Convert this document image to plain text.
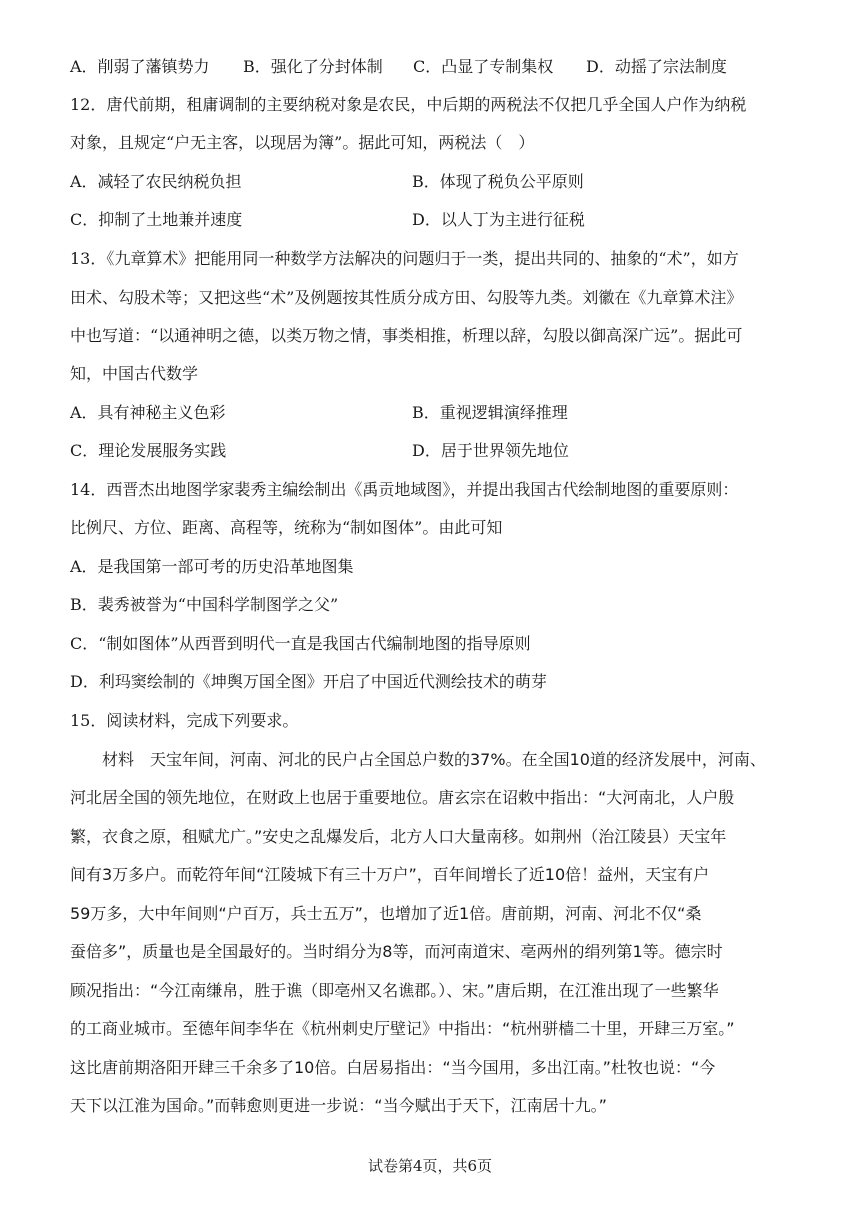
A．削弱了藩镇势力 B．强化了分封体制 C．凸显了专制集权 D．动摇了宗法制度
12．唐代前期，租庸调制的主要纳税对象是农民，中后期的两税法不仅把几乎全国人户作为纳税
对象，且规定“户无主客，以现居为簿”。据此可知，两税法（　）
A．减轻了农民纳税负担	B．体现了税负公平原则
C．抑制了土地兼并速度	D．以人丁为主进行征税
13．《九章算术》把能用同一种数学方法解决的问题归于一类，提出共同的、抽象的“术”，如方
田术、勾股术等；又把这些“术”及例题按其性质分成方田、勾股等九类。刘徽在《九章算术注》
中也写道：“以通神明之德，以类万物之情，事类相推，析理以辞，勾股以御高深广远”。据此可
知，中国古代数学
A．具有神秘主义色彩	B．重视逻辑演绎推理
C．理论发展服务实践	D．居于世界领先地位
14．西晋杰出地图学家裴秀主编绘制出《禹贡地域图》，并提出我国古代绘制地图的重要原则：
比例尺、方位、距离、高程等，统称为“制如图体”。由此可知
A．是我国第一部可考的历史沿革地图集
B．裴秀被誉为“中国科学制图学之父”
C．“制如图体”从西晋到明代一直是我国古代编制地图的指导原则
D．利玛窦绘制的《坤舆万国全图》开启了中国近代测绘技术的萌芽
15．阅读材料，完成下列要求。
材料　天宝年间，河南、河北的民户占全国总户数的37%。在全国10道的经济发展中，河南、
河北居全国的领先地位，在财政上也居于重要地位。唐玄宗在诏敕中指出：“大河南北，人户殷
繁，衣食之原，租赋尤广。”安史之乱爆发后，北方人口大量南移。如荆州（治江陵县）天宝年
间有3万多户。而乾符年间“江陵城下有三十万户”，百年间增长了近10倍！益州，天宝有户
59万多，大中年间则“户百万，兵士五万”，也增加了近1倍。唐前期，河南、河北不仅“桑
蚕倍多”，质量也是全国最好的。当时绢分为8等，而河南道宋、亳两州的绢列第1等。德宗时
顾况指出：“今江南缣帛，胜于谯（即亳州又名谯郡。）、宋。”唐后期，在江淮出现了一些繁华
的工商业城市。至德年间李华在《杭州刺史厅壁记》中指出：“杭州骈樯二十里，开肆三万室。”
这比唐前期洛阳开肆三千余多了10倍。白居易指出：“当今国用，多出江南。”杜牧也说：“今
天下以江淮为国命。”而韩愈则更进一步说：“当今赋出于天下，江南居十九。”
试卷第4页，共6页
